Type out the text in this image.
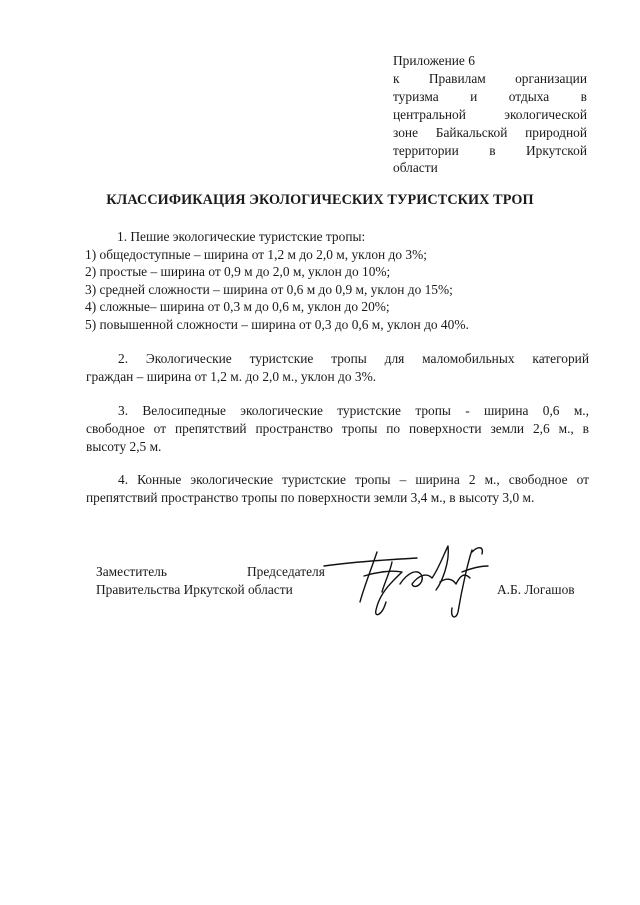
Приложение 6
к Правилам организации
туризма и отдыха в
центральной экологической
зоне Байкальской природной
территории в Иркутской
области
КЛАССИФИКАЦИЯ ЭКОЛОГИЧЕСКИХ ТУРИСТСКИХ ТРОП
1. Пешие экологические туристские тропы:
1) общедоступные – ширина от 1,2 м до 2,0 м, уклон до 3%;
2) простые – ширина от 0,9 м до 2,0 м, уклон до 10%;
3) средней сложности – ширина от 0,6 м до 0,9 м, уклон до 15%;
4) сложные– ширина от 0,3 м до 0,6 м, уклон до 20%;
5) повышенной сложности – ширина от 0,3 до 0,6 м, уклон до 40%.
2. Экологические туристские тропы для маломобильных категорий
граждан – ширина от 1,2 м. до 2,0 м., уклон до 3%.
3. Велосипедные экологические туристские тропы - ширина 0,6 м.,
свободное от препятствий пространство тропы по поверхности земли 2,6 м., в
высоту 2,5 м.
4. Конные экологические туристские тропы – ширина 2 м., свободное от
препятствий пространство тропы по поверхности земли 3,4 м., в высоту 3,0 м.
Заместитель	Председателя
Правительства Иркутской области	А.Б. Логашов
